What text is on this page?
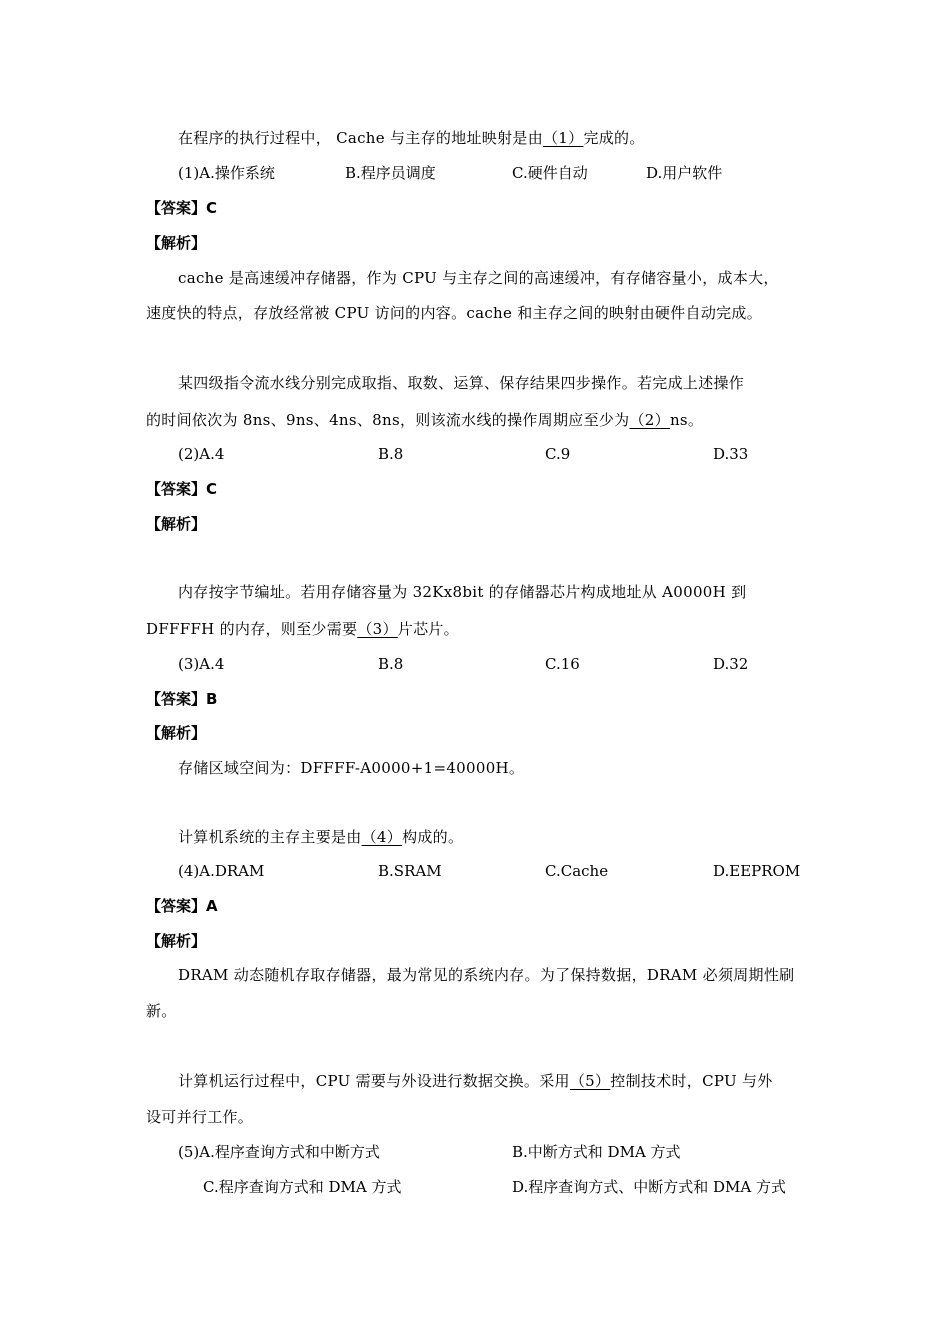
在程序的执行过程中， Cache 与主存的地址映射是由（1）完成的。
(1)A.操作系统	B.程序员调度	C.硬件自动	D.用户软件
【答案】C
【解析】
cache 是高速缓冲存储器，作为 CPU 与主存之间的高速缓冲，有存储容量小，成本大，
速度快的特点，存放经常被 CPU 访问的内容。cache 和主存之间的映射由硬件自动完成。
某四级指令流水线分别完成取指、取数、运算、保存结果四步操作。若完成上述操作
的时间依次为 8ns、9ns、4ns、8ns，则该流水线的操作周期应至少为（2）ns。
(2)A.4	B.8	C.9	D.33
【答案】C
【解析】
内存按字节编址。若用存储容量为 32Kx8bit 的存储器芯片构成地址从 A0000H 到
DFFFFH 的内存，则至少需要（3）片芯片。
(3)A.4	B.8	C.16	D.32
【答案】B
【解析】
存储区域空间为：DFFFF-A0000+1=40000H。
计算机系统的主存主要是由（4）构成的。
(4)A.DRAM	B.SRAM	C.Cache	D.EEPROM
【答案】A
【解析】
DRAM 动态随机存取存储器，最为常见的系统内存。为了保持数据，DRAM 必须周期性刷
新。
计算机运行过程中，CPU 需要与外设进行数据交换。采用（5）控制技术时，CPU 与外
设可并行工作。
(5)A.程序查询方式和中断方式	B.中断方式和 DMA 方式
C.程序查询方式和 DMA 方式	D.程序查询方式、中断方式和 DMA 方式
